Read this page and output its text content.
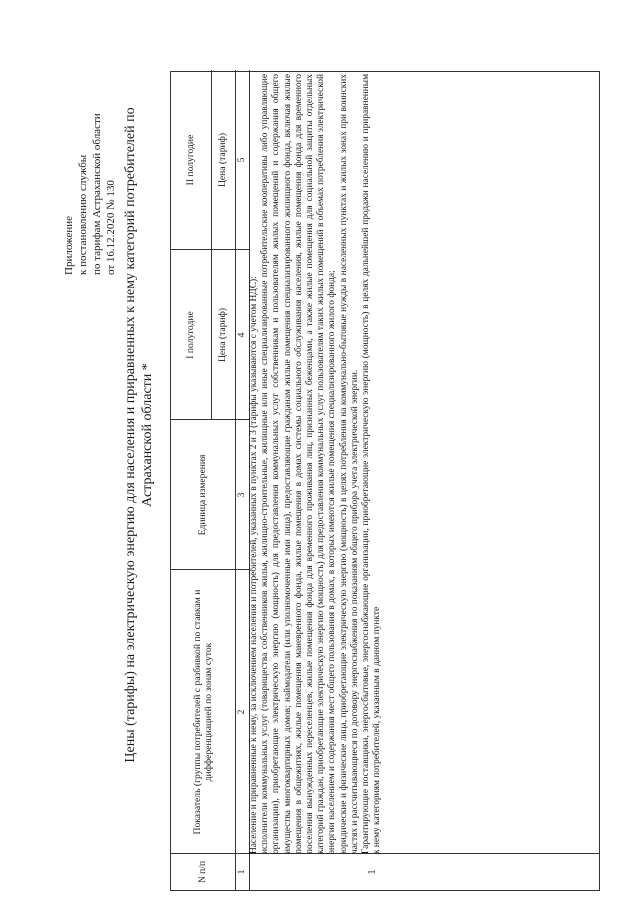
Приложение к постановлению службы по тарифам Астраханской области от 16.12.2020 № 130 Цены (тарифы) на электрическую энергию для населения и приравненных к нему категорий потребителей по Астраханской области *
N п/п
Показатель (группы потребителей с разбивкой по ставкам и дифференциацией по зонам суток
Единица измерения
I полугодие
II полугодие
Цена (тариф)
Цена (тариф)
1
2
3
4
5
1

Население и приравненные к нему, за исключением населения и потребителей, указанных в пунктах 2 и 3 (тарифы указываются с учетом НДС): исполнители коммунальных услуг (товарищества собственников жилья, жилищно-строительные, жилищные или иные специализированные потребительские кооперативы либо управляющие организации), приобретающие электрическую энергию (мощность) для предоставления коммунальных услуг собственникам и пользователям жилых помещений и содержания общего имущества многоквартирных домов; наймодатели (или уполномоченные ими лица), предоставляющие гражданам жилые помещения специализированного жилищного фонда, включая жилые помещения в общежитиях, жилые помещения маневренного фонда, жилые помещения в домах системы социального обслуживания населения, жилые помещения фонда для временного поселения вынужденных переселенцев, жилые помещения фонда для временного проживания лиц, признанных беженцами, а также жилые помещения для социальной защиты отдельных категорий граждан, приобретающие электрическую энергию (мощность) для предоставления коммунальных услуг пользователям таких жилых помещений в объемах потребления электрической энергии населением и содержания мест общего пользования в домах, в которых имеются жилые помещения специализированного жилого фонда; юридические и физические лица, приобретающие электрическую энергию (мощность) в целях потребления на коммунально-бытовые нужды в населенных пунктах и жилых зонах при воинских частях и рассчитывающиеся по договору энергоснабжения по показаниям общего прибора учета электрической энергии. Гарантирующие поставщики, энергосбытовые, энергоснабжающие организации, приобретающие электрическую энергию (мощность) в целях дальнейшей продажи населению и приравненным к нему категориям потребителей, указанным в данном пункте
